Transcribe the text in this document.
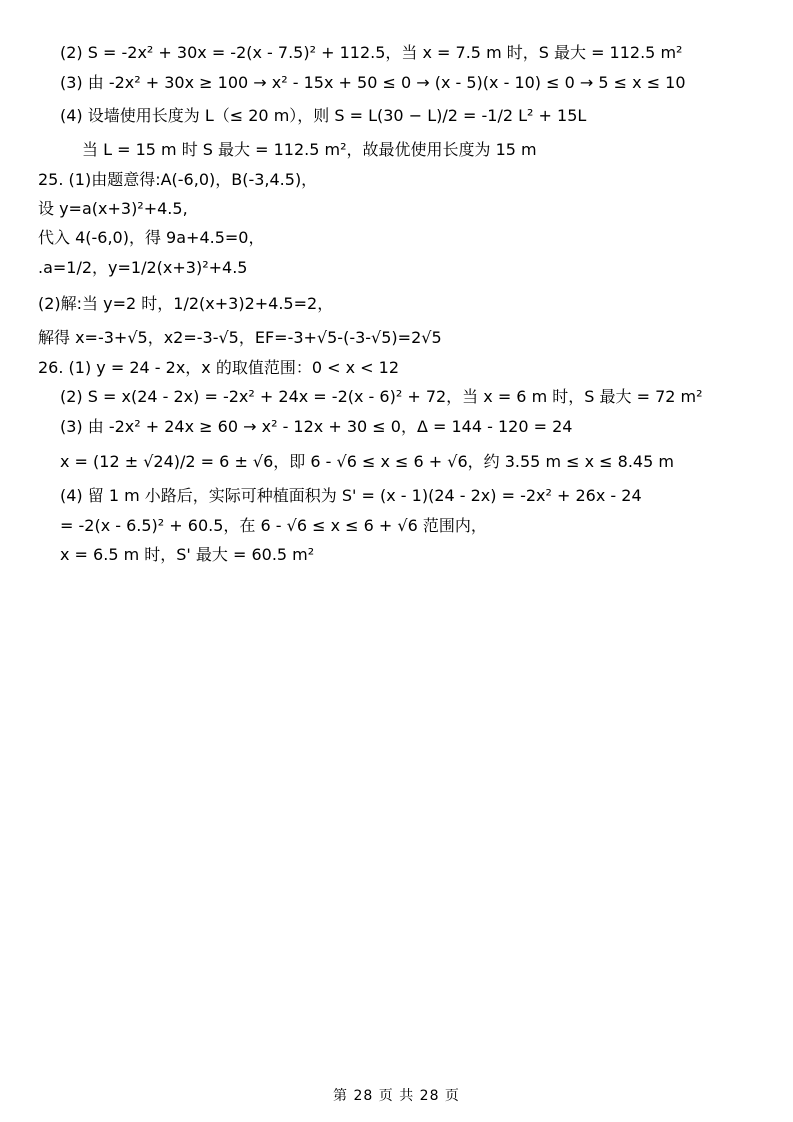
(2) S = -2x² + 30x = -2(x - 7.5)² + 112.5，当 x = 7.5 m 时，S 最大 = 112.5 m²
(3) 由 -2x² + 30x ≥ 100 → x² - 15x + 50 ≤ 0 → (x - 5)(x - 10) ≤ 0 → 5 ≤ x ≤ 10
(4) 设墙使用长度为 L（≤ 20 m），则 S = L(30 − L)/2 = -1/2 L² + 15L
当 L = 15 m 时 S 最大 = 112.5 m²，故最优使用长度为 15 m
25. (1)由题意得:A(-6,0)，B(-3,4.5)，
设 y=a(x+3)²+4.5,
代入 4(-6,0)，得 9a+4.5=0，
.a=1/2，y=1/2(x+3)²+4.5
(2)解:当 y=2 时，1/2(x+3)2+4.5=2，
解得 x=-3+√5，x2=-3-√5，EF=-3+√5-(-3-√5)=2√5
26. (1) y = 24 - 2x，x 的取值范围：0 < x < 12
(2) S = x(24 - 2x) = -2x² + 24x = -2(x - 6)² + 72，当 x = 6 m 时，S 最大 = 72 m²
(3) 由 -2x² + 24x ≥ 60 → x² - 12x + 30 ≤ 0，Δ = 144 - 120 = 24
x = (12 ± √24)/2 = 6 ± √6，即 6 - √6 ≤ x ≤ 6 + √6，约 3.55 m ≤ x ≤ 8.45 m
(4) 留 1 m 小路后，实际可种植面积为 S' = (x - 1)(24 - 2x) = -2x² + 26x - 24
= -2(x - 6.5)² + 60.5，在 6 - √6 ≤ x ≤ 6 + √6 范围内，
x = 6.5 m 时，S' 最大 = 60.5 m²
第 28 页 共 28 页
